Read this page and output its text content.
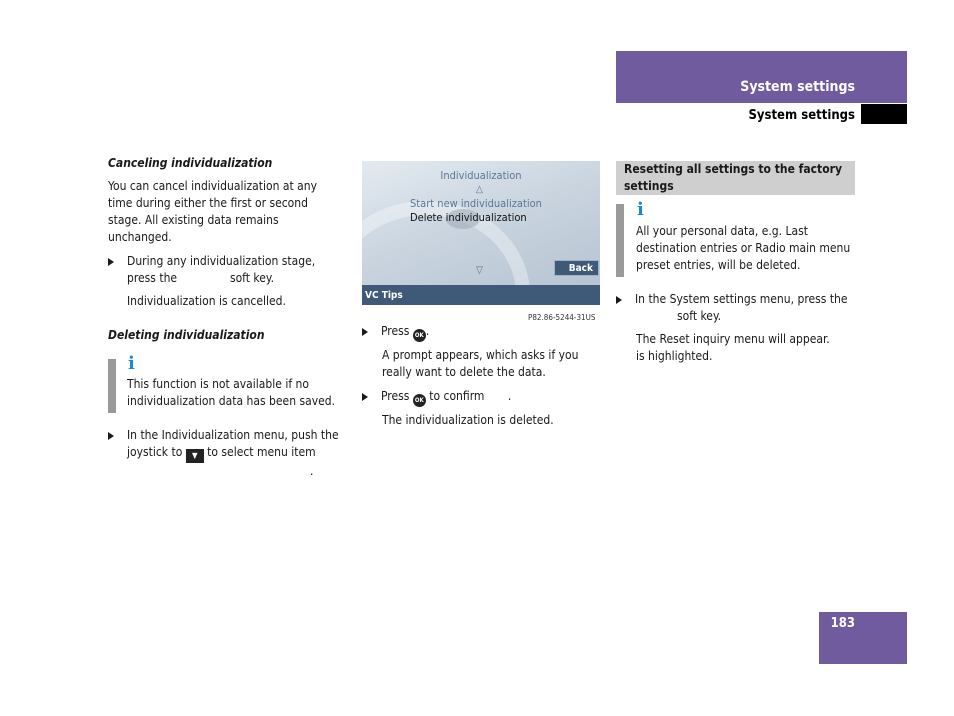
System settings
System settings
Canceling individualization
You can cancel individualization at any time during either the first or second stage. All existing data remains unchanged.
During any individualization stage,
press the	soft key.
Individualization is cancelled.
Deleting individualization
i
This function is not available if no individualization data has been saved.
In the Individualization menu, push the
joystick to ▼ to select menu item
.
Individualization
△
Start new individualization
Delete individualization
▽	Back
VC Tips
P82.86-5244-31US
Press OK .
A prompt appears, which asks if you really want to delete the data.
Press OK to confirm .
The individualization is deleted.
Resetting all settings to the factory settings
i
All your personal data, e.g. Last destination entries or Radio main menu preset entries, will be deleted.
In the System settings menu, press the
soft key.
The Reset inquiry menu will appear.
is highlighted.
183
